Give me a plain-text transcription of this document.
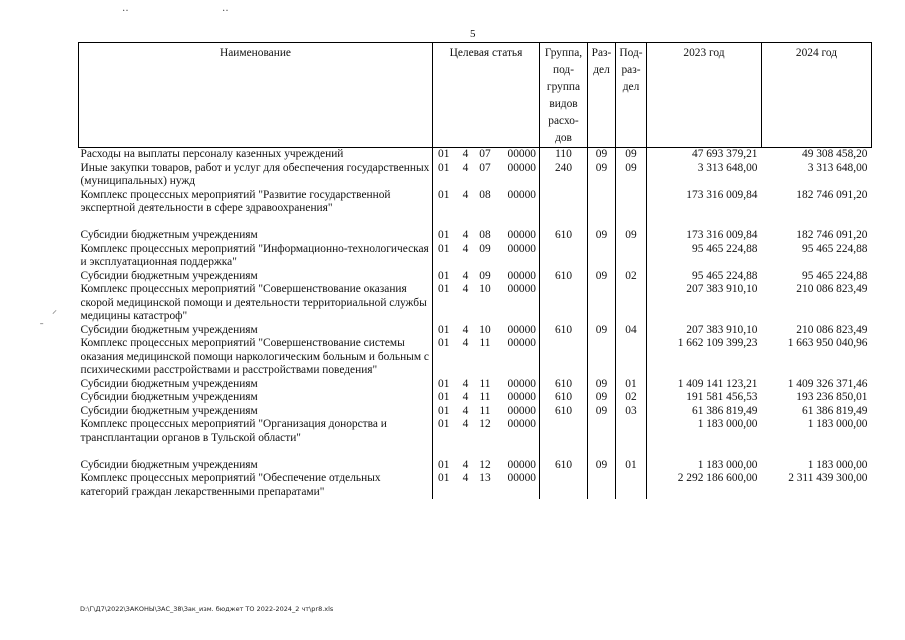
5
‥	‥
⸝
˗
Наименование	Целевая статья	Группа, под-группа видов расхо-дов	Раз-дел	Под-раз-дел	2023 год	2024 год
Расходы на выплаты персоналу казенных учреждений	01 4 07 00000	110	09	09	47 693 379,21	49 308 458,20
Иные закупки товаров, работ и услуг для обеспечения государственных (муниципальных) нужд	01 4 07 00000	240	09	09	3 313 648,00	3 313 648,00
Комплекс процессных мероприятий "Развитие государственной экспертной деятельности в сфере здравоохранения"	01 4 08 00000				173 316 009,84	182 746 091,20

Субсидии бюджетным учреждениям	01 4 08 00000	610	09	09	173 316 009,84	182 746 091,20
Комплекс процессных мероприятий "Информационно-технологическая и эксплуатационная поддержка"	01 4 09 00000				95 465 224,88	95 465 224,88
Субсидии бюджетным учреждениям	01 4 09 00000	610	09	02	95 465 224,88	95 465 224,88
Комплекс процессных мероприятий "Совершенствование оказания скорой медицинской помощи и деятельности территориальной службы медицины катастроф"	01 4 10 00000				207 383 910,10	210 086 823,49
Субсидии бюджетным учреждениям	01 4 10 00000	610	09	04	207 383 910,10	210 086 823,49
Комплекс процессных мероприятий "Совершенствование системы оказания медицинской помощи наркологическим больным и больным с психическими расстройствами и расстройствами поведения"	01 4 11 00000				1 662 109 399,23	1 663 950 040,96
Субсидии бюджетным учреждениям	01 4 11 00000	610	09	01	1 409 141 123,21	1 409 326 371,46
Субсидии бюджетным учреждениям	01 4 11 00000	610	09	02	191 581 456,53	193 236 850,01
Субсидии бюджетным учреждениям	01 4 11 00000	610	09	03	61 386 819,49	61 386 819,49
Комплекс процессных мероприятий "Организация донорства и трансплантации органов в Тульской области"	01 4 12 00000				1 183 000,00	1 183 000,00

Субсидии бюджетным учреждениям	01 4 12 00000	610	09	01	1 183 000,00	1 183 000,00
Комплекс процессных мероприятий "Обеспечение отдельных категорий граждан лекарственными препаратами"	01 4 13 00000				2 292 186 600,00	2 311 439 300,00
D:\Г\Д7\2022\ЗАКОНЫ\ЗАС_38\Зак_изм. бюджет ТО 2022-2024_2 чт\pr8.xls
